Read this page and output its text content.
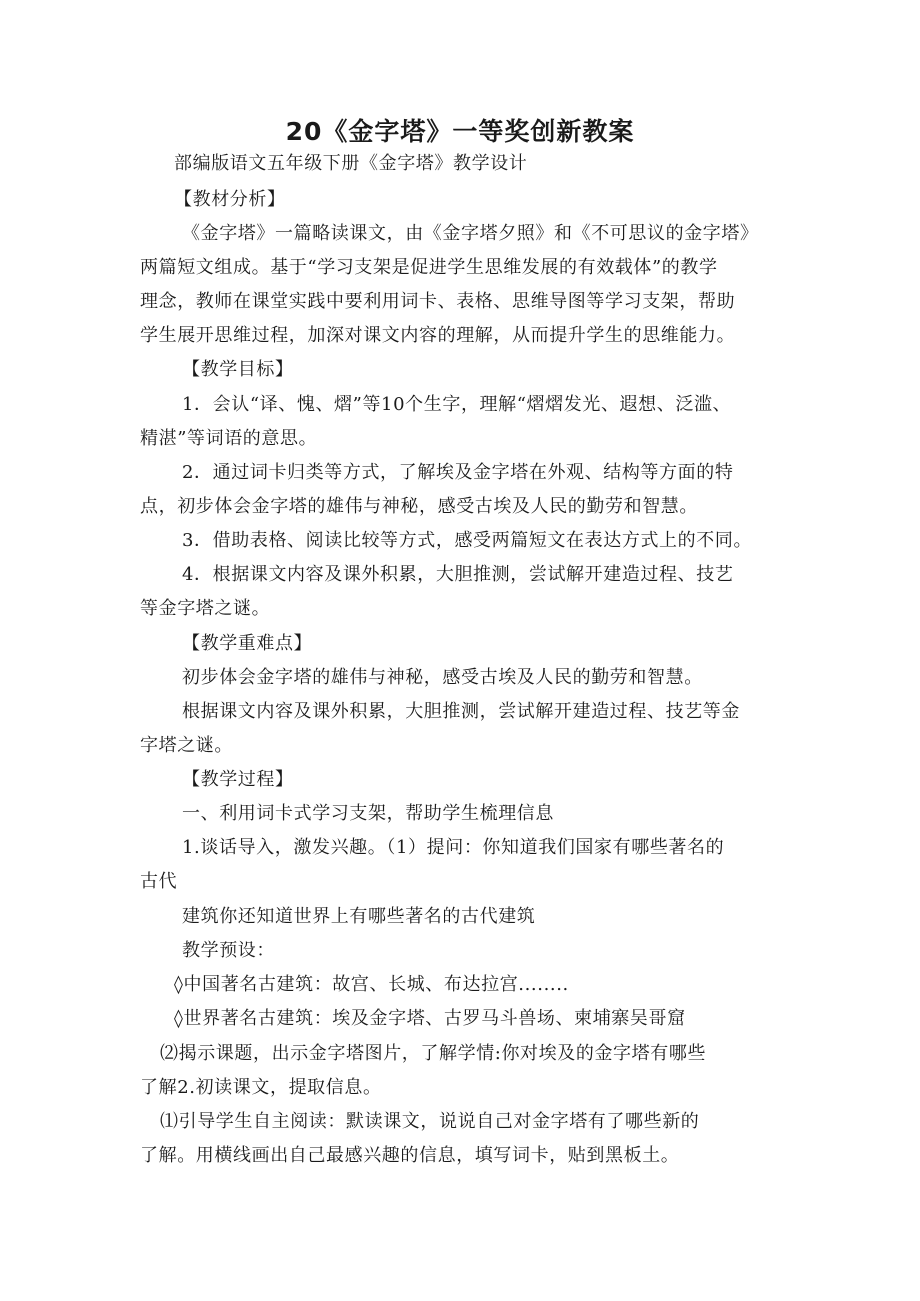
20《金字塔》一等奖创新教案
部编版语文五年级下册《金字塔》教学设计
【教材分析】
《金字塔》一篇略读课文，由《金字塔夕照》和《不可思议的金字塔》
两篇短文组成。基于“学习支架是促进学生思维发展的有效载体”的教学
理念，教师在课堂实践中要利用词卡、表格、思维导图等学习支架，帮助
学生展开思维过程，加深对课文内容的理解，从而提升学生的思维能力。
【教学目标】
1．会认“译、愧、熠”等10个生字，理解“熠熠发光、遐想、泛滥、
精湛”等词语的意思。
2．通过词卡归类等方式，了解埃及金字塔在外观、结构等方面的特
点，初步体会金字塔的雄伟与神秘，感受古埃及人民的勤劳和智慧。
3．借助表格、阅读比较等方式，感受两篇短文在表达方式上的不同。
4．根据课文内容及课外积累，大胆推测，尝试解开建造过程、技艺
等金字塔之谜。
【教学重难点】
初步体会金字塔的雄伟与神秘，感受古埃及人民的勤劳和智慧。
根据课文内容及课外积累，大胆推测，尝试解开建造过程、技艺等金
字塔之谜。
【教学过程】
一、利用词卡式学习支架，帮助学生梳理信息
1.谈话导入，激发兴趣。（1）提问：你知道我们国家有哪些著名的
古代
建筑你还知道世界上有哪些著名的古代建筑
教学预设：
◊中国著名古建筑：故宫、长城、布达拉宫........
◊世界著名古建筑：埃及金字塔、古罗马斗兽场、柬埔寨吴哥窟
⑵揭示课题，出示金字塔图片，了解学情:你对埃及的金字塔有哪些
了解2.初读课文，提取信息。
⑴引导学生自主阅读：默读课文，说说自己对金字塔有了哪些新的
了解。用横线画出自己最感兴趣的信息，填写词卡，贴到黑板土。
